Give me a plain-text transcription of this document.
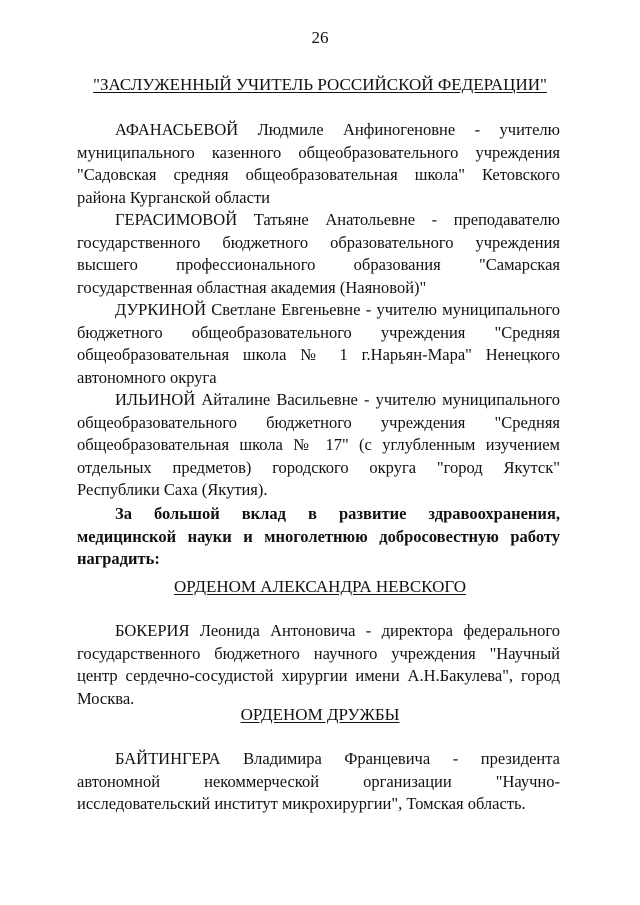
26
"ЗАСЛУЖЕННЫЙ УЧИТЕЛЬ РОССИЙСКОЙ ФЕДЕРАЦИИ"
АФАНАСЬЕВОЙ Людмиле Анфиногеновне - учителю муниципального казенного общеобразовательного учреждения "Садовская средняя общеобразовательная школа" Кетовского района Курганской области
ГЕРАСИМОВОЙ Татьяне Анатольевне - преподавателю государственного бюджетного образовательного учреждения высшего профессионального образования "Самарская государственная областная академия (Наяновой)"
ДУРКИНОЙ Светлане Евгеньевне - учителю муниципального бюджетного общеобразовательного учреждения "Средняя общеобразовательная школа № 1 г.Нарьян-Мара" Ненецкого автономного округа
ИЛЬИНОЙ Айталине Васильевне - учителю муниципального общеобразовательного бюджетного учреждения "Средняя общеобразовательная школа № 17" (с углубленным изучением отдельных предметов) городского округа "город Якутск" Республики Саха (Якутия).
За большой вклад в развитие здравоохранения, медицинской науки и многолетнюю добросовестную работу наградить:
ОРДЕНОМ АЛЕКСАНДРА НЕВСКОГО
БОКЕРИЯ Леонида Антоновича - директора федерального государственного бюджетного научного учреждения "Научный центр сердечно-сосудистой хирургии имени А.Н.Бакулева", город Москва.
ОРДЕНОМ ДРУЖБЫ
БАЙТИНГЕРА Владимира Францевича - президента автономной некоммерческой организации "Научно-исследовательский институт микрохирургии", Томская область.
